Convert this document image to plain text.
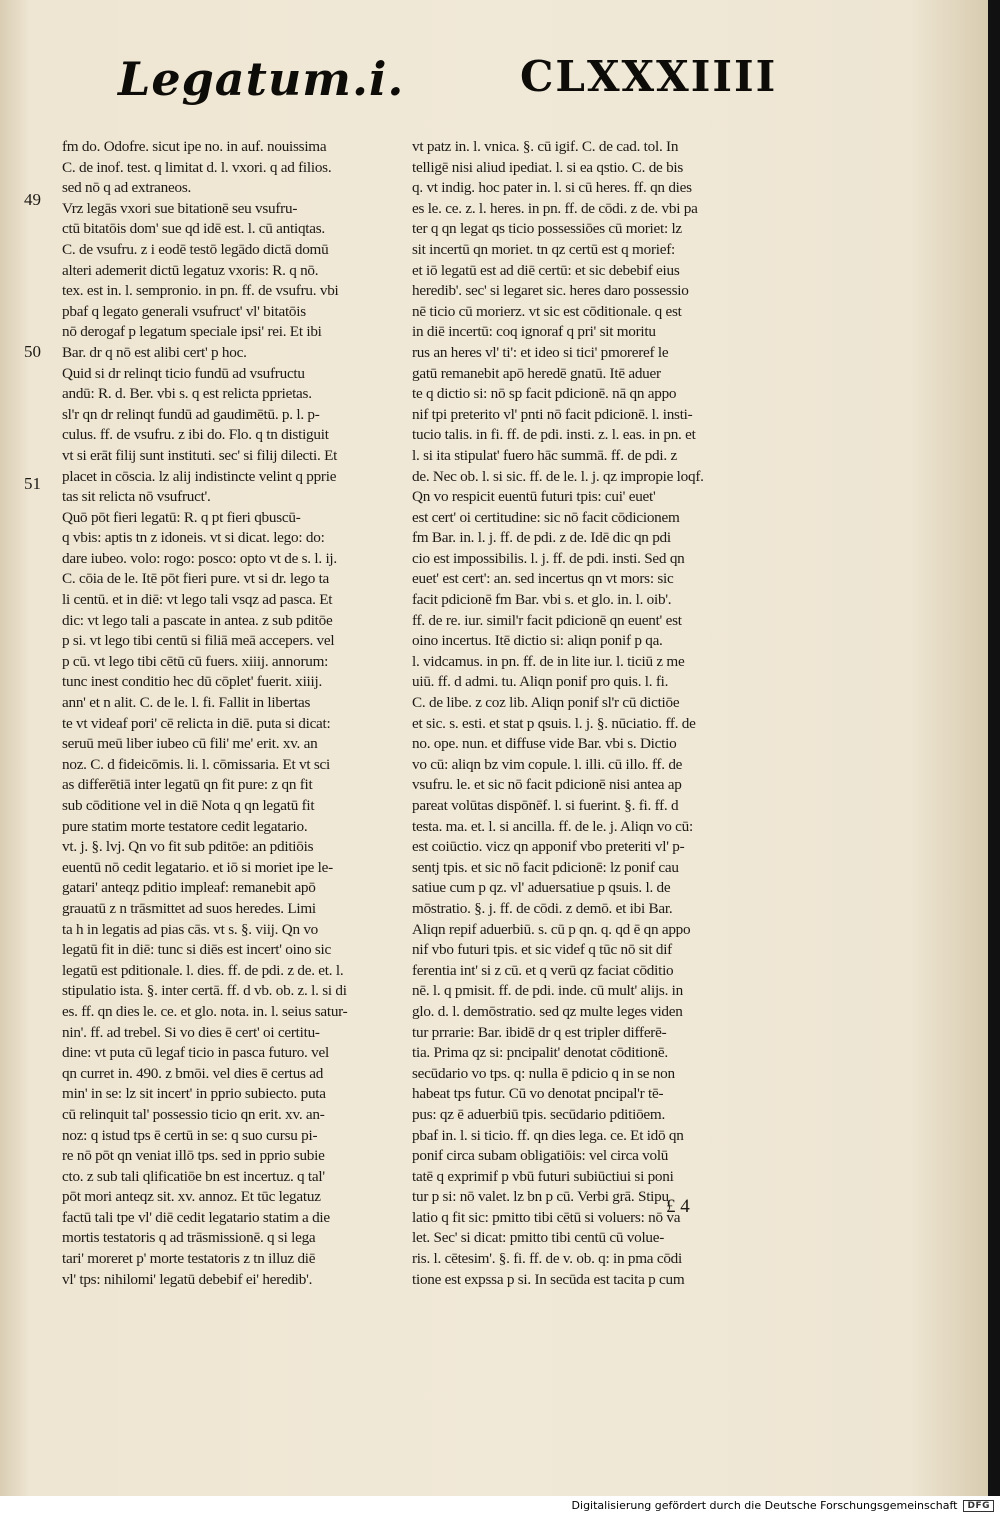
Legatum.i.	CLXXXIIII
49
50
51
fm do. Odofre. sicut ipe no. in auf. nouissima
C. de inof. test. q limitat d. l. vxori. q ad filios.
sed nō q ad extraneos.
Vrz legās vxori sue bitationē seu vsufru-
ctū bitatōis dom' sue qd idē est. l. cū antiqtas.
C. de vsufru. z i eodē testō legādo dictā domū
alteri ademerit dictū legatuz vxoris: R. q nō.
tex. est in. l. sempronio. in pn. ff. de vsufru. vbi
pbaf q legato generali vsufruct' vl' bitatōis
nō derogaf p legatum speciale ipsi' rei. Et ibi
Bar. dr q nō est alibi cert' p hoc.
Quid si dr relinqt ticio fundū ad vsufructu
andū: R. d. Ber. vbi s. q est relicta pprietas.
sl'r qn dr relinqt fundū ad gaudimētū. p. l. p-
culus. ff. de vsufru. z ibi do. Flo. q tn distiguit
vt si erāt filij sunt instituti. sec' si filij dilecti. Et
placet in cōscia. lz alij indistincte velint q pprie
tas sit relicta nō vsufruct'.
Quō pōt fieri legatū: R. q pt fieri qbuscū-
q vbis: aptis tn z idoneis. vt si dicat. lego: do:
dare iubeo. volo: rogo: posco: opto vt de s. l. ij.
C. cōia de le. Itē pōt fieri pure. vt si dr. lego ta
li centū. et in diē: vt lego tali vsqz ad pasca. Et
dic: vt lego tali a pascate in antea. z sub pditōe
p si. vt lego tibi centū si filiā meā accepers. vel
p cū. vt lego tibi cētū cū fuers. xiiij. annorum:
tunc inest conditio hec dū cōplet' fuerit. xiiij.
ann' et n alit. C. de le. l. fi. Fallit in libertas
te vt videaf pori' cē relicta in diē. puta si dicat:
seruū meū liber iubeo cū fili' me' erit. xv. an
noz. C. d fideicōmis. li. l. cōmissaria. Et vt sci
as differētiā inter legatū qn fit pure: z qn fit
sub cōditione vel in diē Nota q qn legatū fit
pure statim morte testatore cedit legatario.
vt. j. §. lvj. Qn vo fit sub pditōe: an pditiōis
euentū nō cedit legatario. et iō si moriet ipe le-
gatari' anteqz pditio impleaf: remanebit apō
grauatū z n trāsmittet ad suos heredes. Limi
ta h in legatis ad pias cās. vt s. §. viij. Qn vo
legatū fit in diē: tunc si diēs est incert' oino sic
legatū est pditionale. l. dies. ff. de pdi. z de. et. l.
stipulatio ista. §. inter certā. ff. d vb. ob. z. l. si di
es. ff. qn dies le. ce. et glo. nota. in. l. seius satur-
nin'. ff. ad trebel. Si vo dies ē cert' oi certitu-
dine: vt puta cū legaf ticio in pasca futuro. vel
qn curret in. 490. z bmōi. vel dies ē certus ad
min' in se: lz sit incert' in pprio subiecto. puta
cū relinquit tal' possessio ticio qn erit. xv. an-
noz: q istud tps ē certū in se: q suo cursu pi-
re nō pōt qn veniat illō tps. sed in pprio subie
cto. z sub tali qlificatiōe bn est incertuz. q tal'
pōt mori anteqz sit. xv. annoz. Et tūc legatuz
factū tali tpe vl' diē cedit legatario statim a die
mortis testatoris q ad trāsmissionē. q si lega
tari' moreret p' morte testatoris z tn illuz diē
vl' tps: nihilomi' legatū debebif ei' heredib'.
vt patz in. l. vnica. §. cū igif. C. de cad. tol. In
telligē nisi aliud ipediat. l. si ea qstio. C. de bis
q. vt indig. hoc pater in. l. si cū heres. ff. qn dies
es le. ce. z. l. heres. in pn. ff. de cōdi. z de. vbi pa
ter q qn legat qs ticio possessiōes cū moriet: lz
sit incertū qn moriet. tn qz certū est q morief:
et iō legatū est ad diē certū: et sic debebif eius
heredib'. sec' si legaret sic. heres daro possessio
nē ticio cū morierz. vt sic est cōditionale. q est
in diē incertū: coq ignoraf q pri' sit moritu
rus an heres vl' ti': et ideo si tici' pmoreref le
gatū remanebit apō heredē gnatū. Itē aduer
te q dictio si: nō sp facit pdicionē. nā qn appo
nif tpi preterito vl' pnti nō facit pdicionē. l. insti-
tucio talis. in fi. ff. de pdi. insti. z. l. eas. in pn. et
l. si ita stipulat' fuero hāc summā. ff. de pdi. z
de. Nec ob. l. si sic. ff. de le. l. j. qz impropie loqf.
Qn vo respicit euentū futuri tpis: cui' euet'
est cert' oi certitudine: sic nō facit cōdicionem
fm Bar. in. l. j. ff. de pdi. z de. Idē dic qn pdi
cio est impossibilis. l. j. ff. de pdi. insti. Sed qn
euet' est cert': an. sed incertus qn vt mors: sic
facit pdicionē fm Bar. vbi s. et glo. in. l. oib'.
ff. de re. iur. simil'r facit pdicionē qn euent' est
oino incertus. Itē dictio si: aliqn ponif p qa.
l. vidcamus. in pn. ff. de in lite iur. l. ticiū z me
uiū. ff. d admi. tu. Aliqn ponif pro quis. l. fi.
C. de libe. z coz lib. Aliqn ponif sl'r cū dictiōe
et sic. s. esti. et stat p qsuis. l. j. §. nūciatio. ff. de
no. ope. nun. et diffuse vide Bar. vbi s. Dictio
vo cū: aliqn bz vim copule. l. illi. cū illo. ff. de
vsufru. le. et sic nō facit pdicionē nisi antea ap
pareat volūtas dispōnēf. l. si fuerint. §. fi. ff. d
testa. ma. et. l. si ancilla. ff. de le. j. Aliqn vo cū:
est coiūctio. vicz qn apponif vbo preteriti vl' p-
sentj tpis. et sic nō facit pdicionē: lz ponif cau
satiue cum p qz. vl' aduersatiue p qsuis. l. de
mōstratio. §. j. ff. de cōdi. z demō. et ibi Bar.
Aliqn repif aduerbiū. s. cū p qn. q. qd ē qn appo
nif vbo futuri tpis. et sic videf q tūc nō sit dif
ferentia int' si z cū. et q verū qz faciat cōditio
nē. l. q pmisit. ff. de pdi. inde. cū mult' alijs. in
glo. d. l. demōstratio. sed qz multe leges viden
tur prrarie: Bar. ibidē dr q est tripler differē-
tia. Prima qz si: pncipalit' denotat cōditionē.
secūdario vo tps. q: nulla ē pdicio q in se non
habeat tps futur. Cū vo denotat pncipal'r tē-
pus: qz ē aduerbiū tpis. secūdario pditiōem.
pbaf in. l. si ticio. ff. qn dies lega. ce. Et idō qn
ponif circa subam obligatiōis: vel circa volū
tatē q exprimif p vbū futuri subiūctiui si poni
tur p si: nō valet. lz bn p cū. Verbi grā. Stipu
latio q fit sic: pmitto tibi cētū si voluers: nō va
let. Sec' si dicat: pmitto tibi centū cū volue-
ris. l. cētesim'. §. fi. ff. de v. ob. q: in pma cōdi
tione est expssa p si. In secūda est tacita p cum
£ 4
Digitalisierung gefördert durch die Deutsche Forschungsgemeinschaft	DFG
